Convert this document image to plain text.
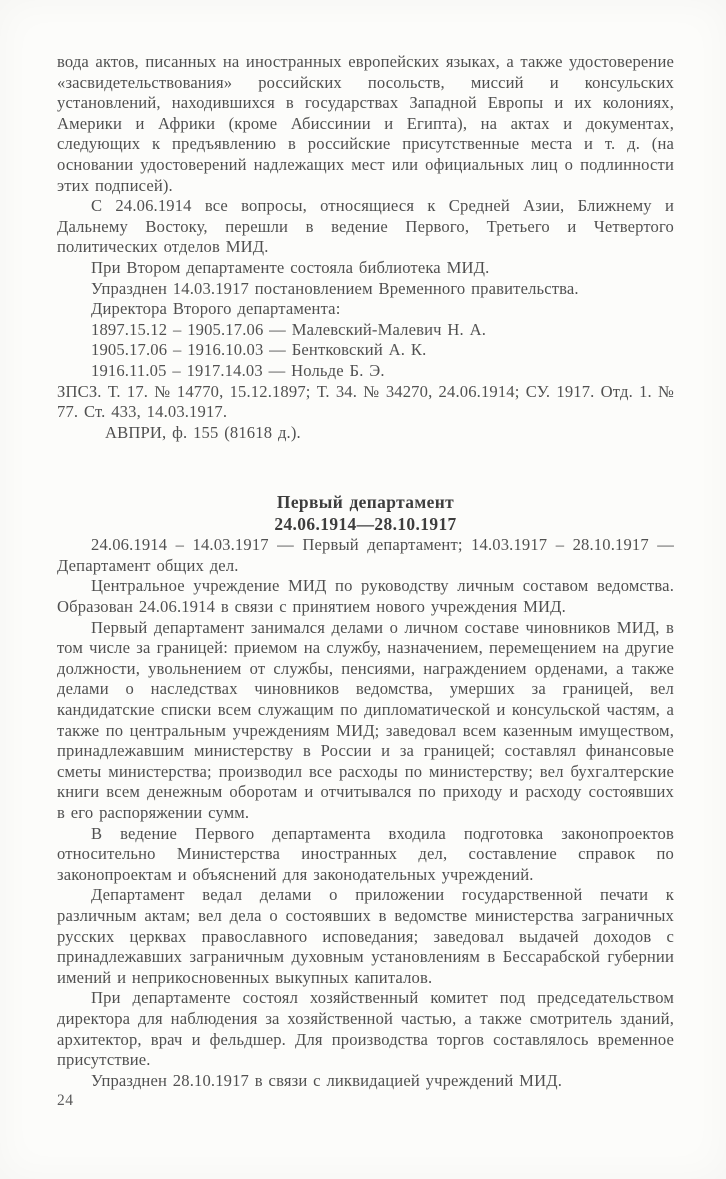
вода актов, писанных на иностранных европейских языках, а также удостоверение «засвидетельствования» российских посольств, миссий и консульских установлений, находившихся в государствах Западной Европы и их колониях, Америки и Африки (кроме Абиссинии и Египта), на актах и документах, следующих к предъявлению в российские присутственные места и т. д. (на основании удостоверений надлежащих мест или официальных лиц о подлинности этих подписей).

С 24.06.1914 все вопросы, относящиеся к Средней Азии, Ближнему и Дальнему Востоку, перешли в ведение Первого, Третьего и Четвертого политических отделов МИД.

При Втором департаменте состояла библиотека МИД.

Упразднен 14.03.1917 постановлением Временного правительства.

Директора Второго департамента:

1897.15.12 – 1905.17.06 — Малевский-Малевич Н. А.

1905.17.06 – 1916.10.03 — Бентковский А. К.

1916.11.05 – 1917.14.03 — Нольде Б. Э.

ЗПСЗ. Т. 17. № 14770, 15.12.1897; Т. 34. № 34270, 24.06.1914; СУ. 1917. Отд. 1. № 77. Ст. 433, 14.03.1917.

АВПРИ, ф. 155 (81618 д.).

Первый департамент
24.06.1914—28.10.1917

24.06.1914 – 14.03.1917 — Первый департамент; 14.03.1917 – 28.10.1917 — Департамент общих дел.

Центральное учреждение МИД по руководству личным составом ведомства. Образован 24.06.1914 в связи с принятием нового учреждения МИД.

Первый департамент занимался делами о личном составе чиновников МИД, в том числе за границей: приемом на службу, назначением, перемещением на другие должности, увольнением от службы, пенсиями, награждением орденами, а также делами о наследствах чиновников ведомства, умерших за границей, вел кандидатские списки всем служащим по дипломатической и консульской частям, а также по центральным учреждениям МИД; заведовал всем казенным имуществом, принадлежавшим министерству в России и за границей; составлял финансовые сметы министерства; производил все расходы по министерству; вел бухгалтерские книги всем денежным оборотам и отчитывался по приходу и расходу состоявших в его распоряжении сумм.

В ведение Первого департамента входила подготовка законопроектов относительно Министерства иностранных дел, составление справок по законопроектам и объяснений для законодательных учреждений.

Департамент ведал делами о приложении государственной печати к различным актам; вел дела о состоявших в ведомстве министерства заграничных русских церквах православного исповедания; заведовал выдачей доходов с принадлежавших заграничным духовным установлениям в Бессарабской губернии имений и неприкосновенных выкупных капиталов.

При департаменте состоял хозяйственный комитет под председательством директора для наблюдения за хозяйственной частью, а также смотритель зданий, архитектор, врач и фельдшер. Для производства торгов составлялось временное присутствие.

Упразднен 28.10.1917 в связи с ликвидацией учреждений МИД.

24
